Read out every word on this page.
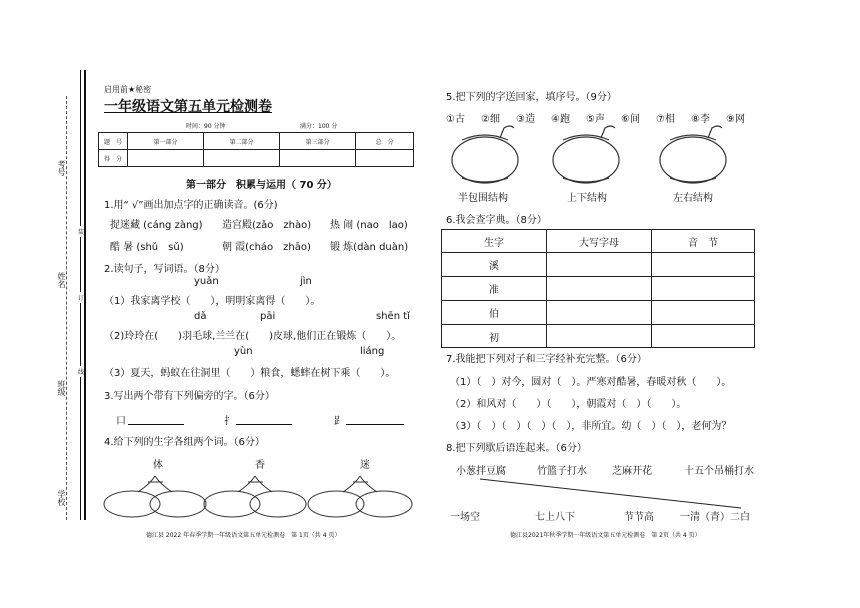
考号
姓名
班级
学校
装
订
线
启用前★秘密
一年级语文第五单元检测卷
时间：90 分钟	满分：100 分
题　号	第一部分	第二部分	第三部分	总　分
得　分				
第一部分　积累与运用（ 70 分）
1.用“ √”画出加点字的正确读音。(6分)
捉迷藏 (cáng zàng) 造宫殿(zǎo　zhào) 热 闹 (nao　lao)
酷 暑 (shǔ　sǔ)	朝 霞(cháo　zhāo) 锻 炼(dàn duàn)
2.读句子，写词语。（8分）
yuǎn	jìn
（1）我家离学校（　　），明明家离得（　　）。
dǎ	pāi	shēn tǐ
（2)玲玲在(　　)羽毛球,兰兰在(　　)皮球,他们正在锻炼（　　）。
yùn	liáng
（3）夏天，蚂蚁在往洞里（　　）粮食，蟋蟀在树下乘（　　）。
3.写出两个带有下列偏旁的字。（6分）
口	扌	𧾷
4.给下列的生字各组两个词。（6分）
体	香	迷
德江县 2022 年春季学期一年级语文第五单元检测卷　第 1页（共 4 页）
5.把下列的字送回家，填序号。（9分）
①古 ②细 ③造 ④跑 ⑤声 ⑥间 ⑦相 ⑧李 ⑨网
半包围结构	上下结构	左右结构
6.我会查字典。（8分）
生字	大写字母	音　节
溪		
准		
伯		
初		
7.我能把下列对子和三字经补充完整。（6分）
（1）（　）对今，圆对（　）。严寒对酷暑，春暖对秋（　　）。
（2）和风对（　　）（　　），朝霞对（　）（　　）。
（3）（　）（　）（　）（　），非所宜。幼（　）（　），老何为？
8.把下列歇后语连起来。（6分）
小葱拌豆腐	竹篮子打水	芝麻开花	十五个吊桶打水
一场空	七上八下	节节高	一清（青）二白
德江县2021年秋季学期一年级语文第五单元检测卷　第 2页（共 4 页）
